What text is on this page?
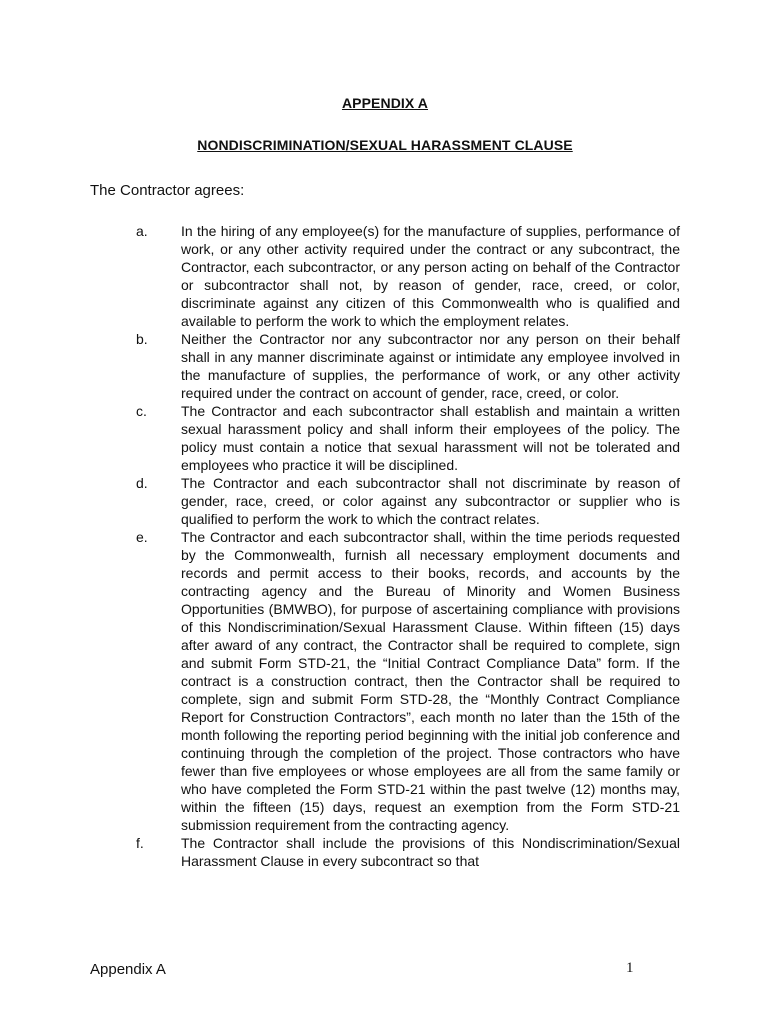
APPENDIX A
NONDISCRIMINATION/SEXUAL HARASSMENT CLAUSE
The Contractor agrees:
a.	In the hiring of any employee(s) for the manufacture of supplies, performance of work, or any other activity required under the contract or any subcontract, the Contractor, each subcontractor, or any person acting on behalf of the Contractor or subcontractor shall not, by reason of gender, race, creed, or color, discriminate against any citizen of this Commonwealth who is qualified and available to perform the work to which the employment relates.
b.	Neither the Contractor nor any subcontractor nor any person on their behalf shall in any manner discriminate against or intimidate any employee involved in the manufacture of supplies, the performance of work, or any other activity required under the contract on account of gender, race, creed, or color.
c.	The Contractor and each subcontractor shall establish and maintain a written sexual harassment policy and shall inform their employees of the policy. The policy must contain a notice that sexual harassment will not be tolerated and employees who practice it will be disciplined.
d.	The Contractor and each subcontractor shall not discriminate by reason of gender, race, creed, or color against any subcontractor or supplier who is qualified to perform the work to which the contract relates.
e.	The Contractor and each subcontractor shall, within the time periods requested by the Commonwealth, furnish all necessary employment documents and records and permit access to their books, records, and accounts by the contracting agency and the Bureau of Minority and Women Business Opportunities (BMWBO), for purpose of ascertaining compliance with provisions of this Nondiscrimination/Sexual Harassment Clause. Within fifteen (15) days after award of any contract, the Contractor shall be required to complete, sign and submit Form STD-21, the “Initial Contract Compliance Data” form. If the contract is a construction contract, then the Contractor shall be required to complete, sign and submit Form STD-28, the “Monthly Contract Compliance Report for Construction Contractors”, each month no later than the 15th of the month following the reporting period beginning with the initial job conference and continuing through the completion of the project. Those contractors who have fewer than five employees or whose employees are all from the same family or who have completed the Form STD-21 within the past twelve (12) months may, within the fifteen (15) days, request an exemption from the Form STD-21 submission requirement from the contracting agency.
f.	The Contractor shall include the provisions of this Nondiscrimination/Sexual Harassment Clause in every subcontract so that
Appendix A	1
